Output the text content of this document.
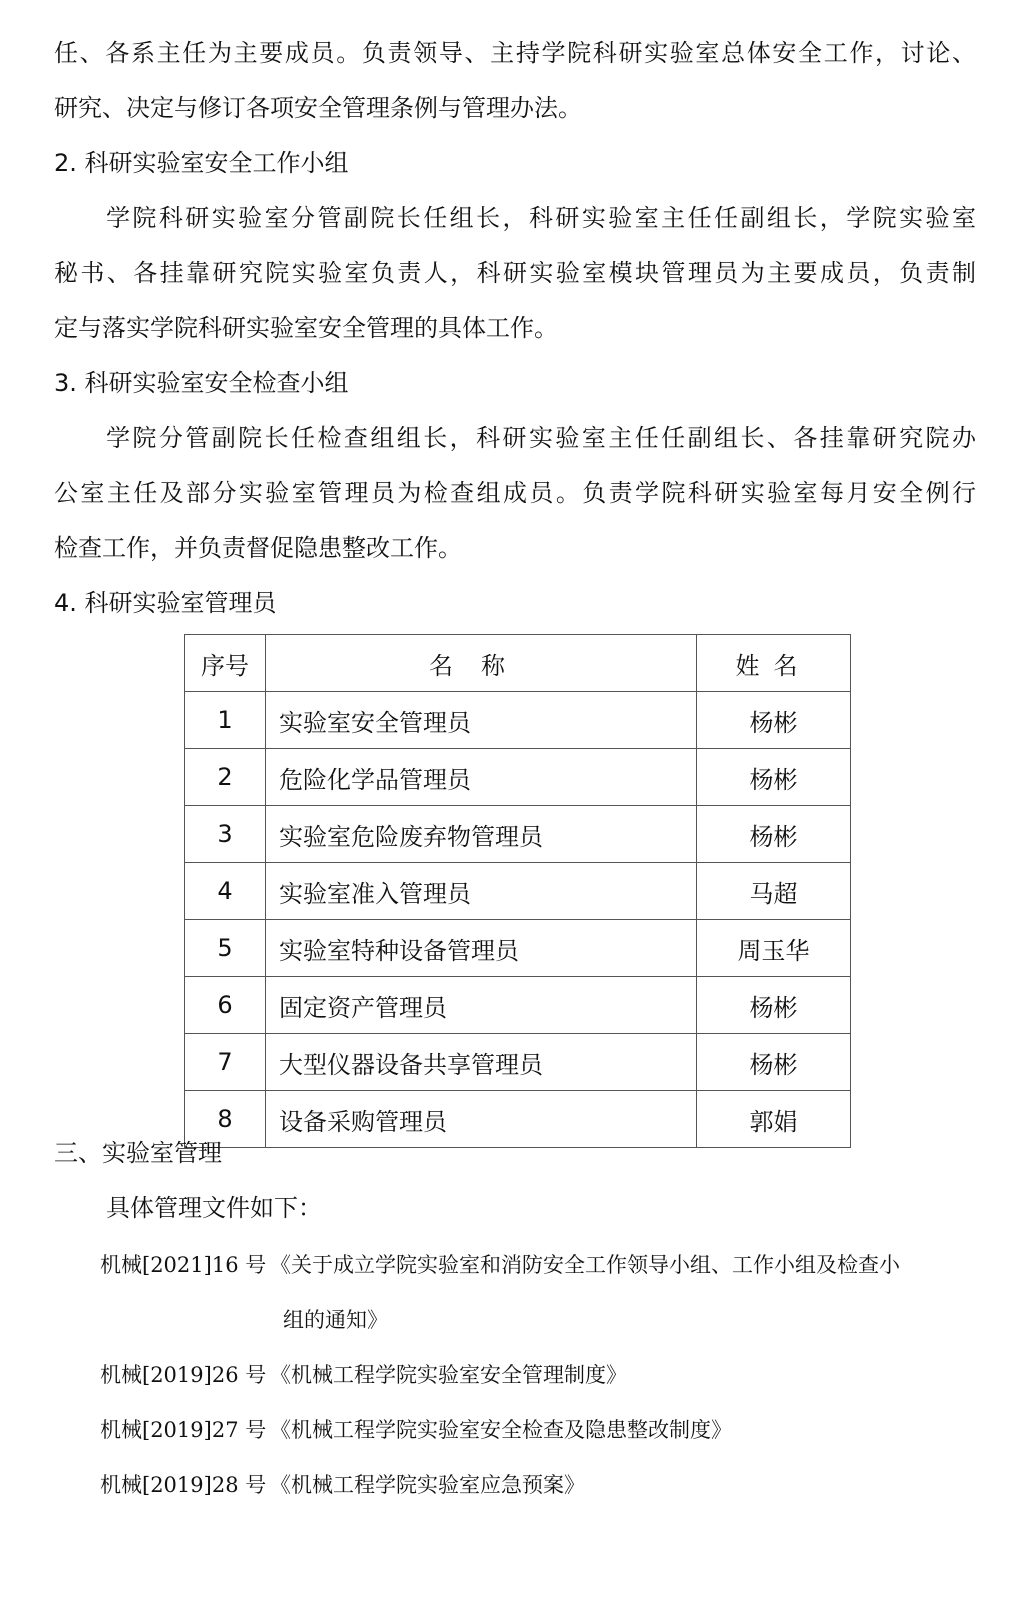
任、各系主任为主要成员。负责领导、主持学院科研实验室总体安全工作，讨论、
研究、决定与修订各项安全管理条例与管理办法。
2. 科研实验室安全工作小组
学院科研实验室分管副院长任组长，科研实验室主任任副组长，学院实验室
秘书、各挂靠研究院实验室负责人，科研实验室模块管理员为主要成员，负责制
定与落实学院科研实验室安全管理的具体工作。
3. 科研实验室安全检查小组
学院分管副院长任检查组组长，科研实验室主任任副组长、各挂靠研究院办
公室主任及部分实验室管理员为检查组成员。负责学院科研实验室每月安全例行
检查工作，并负责督促隐患整改工作。
4. 科研实验室管理员
序号	名称	姓名
1	实验室安全管理员	杨彬
2	危险化学品管理员	杨彬
3	实验室危险废弃物管理员	杨彬
4	实验室准入管理员	马超
5	实验室特种设备管理员	周玉华
6	固定资产管理员	杨彬
7	大型仪器设备共享管理员	杨彬
8	设备采购管理员	郭娟
三、实验室管理
具体管理文件如下：
机械[2021]16 号 《关于成立学院实验室和消防安全工作领导小组、工作小组及检查小
组的通知》
机械[2019]26 号 《机械工程学院实验室安全管理制度》
机械[2019]27 号 《机械工程学院实验室安全检查及隐患整改制度》
机械[2019]28 号 《机械工程学院实验室应急预案》
